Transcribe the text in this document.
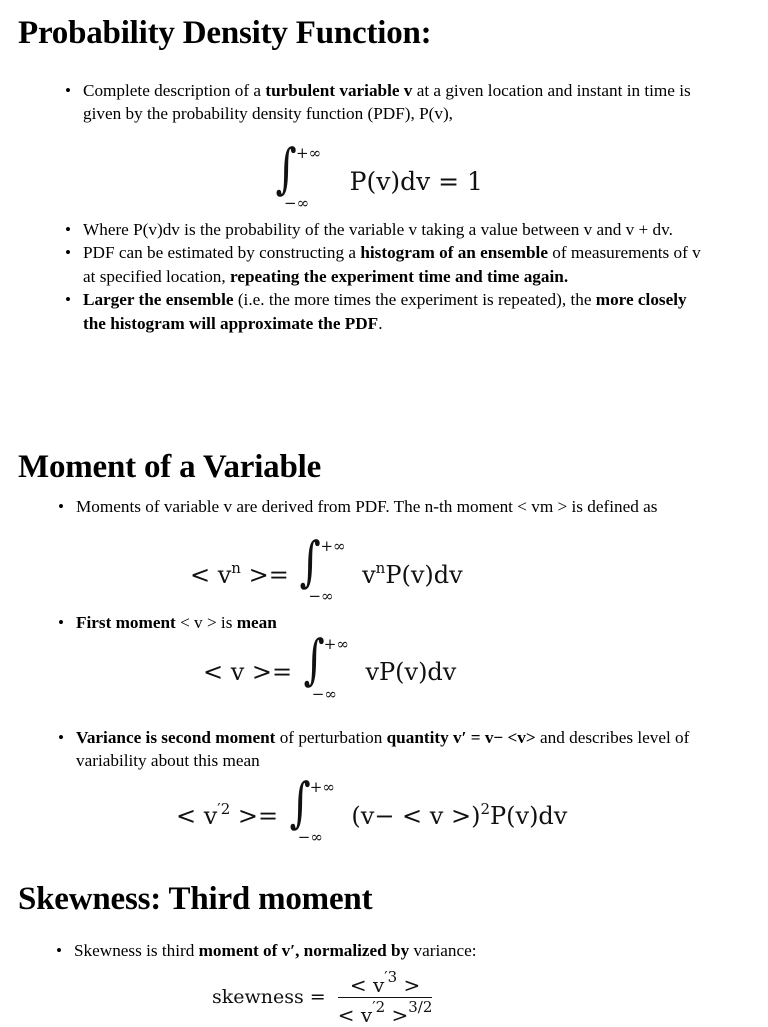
Probability Density Function:
• Complete description of a turbulent variable v at a given location and instant in time is given by the probability density function (PDF), P(v),
∫ +∞
−∞
P(v)dv = 1
• Where P(v)dv is the probability of the variable v taking a value between v and v + dv.
• PDF can be estimated by constructing a histogram of an ensemble of measurements of v at specified location, repeating the experiment time and time again.
• Larger the ensemble (i.e. the more times the experiment is repeated), the more closely the histogram will approximate the PDF.
Moment of a Variable
• Moments of variable v are derived from PDF. The n-th moment < vm > is defined as
< $v^n$ >= ∫ +∞
−∞
$v^nP(v)dv$
• First moment < v > is mean
< v >= ∫ +∞
−∞
vP(v)dv
• Variance is second moment of perturbation quantity v′ = v− <v> and describes level of variability about this mean
< $v^{'2}$ >= ∫ +∞
−∞
(v− < v >)$^2$P(v)dv
Skewness: Third moment
• Skewness is third moment of v′, normalized by variance:
skewness = $\frac{< v^{'3} >}{< v^{'2} >^{3/2}}$
